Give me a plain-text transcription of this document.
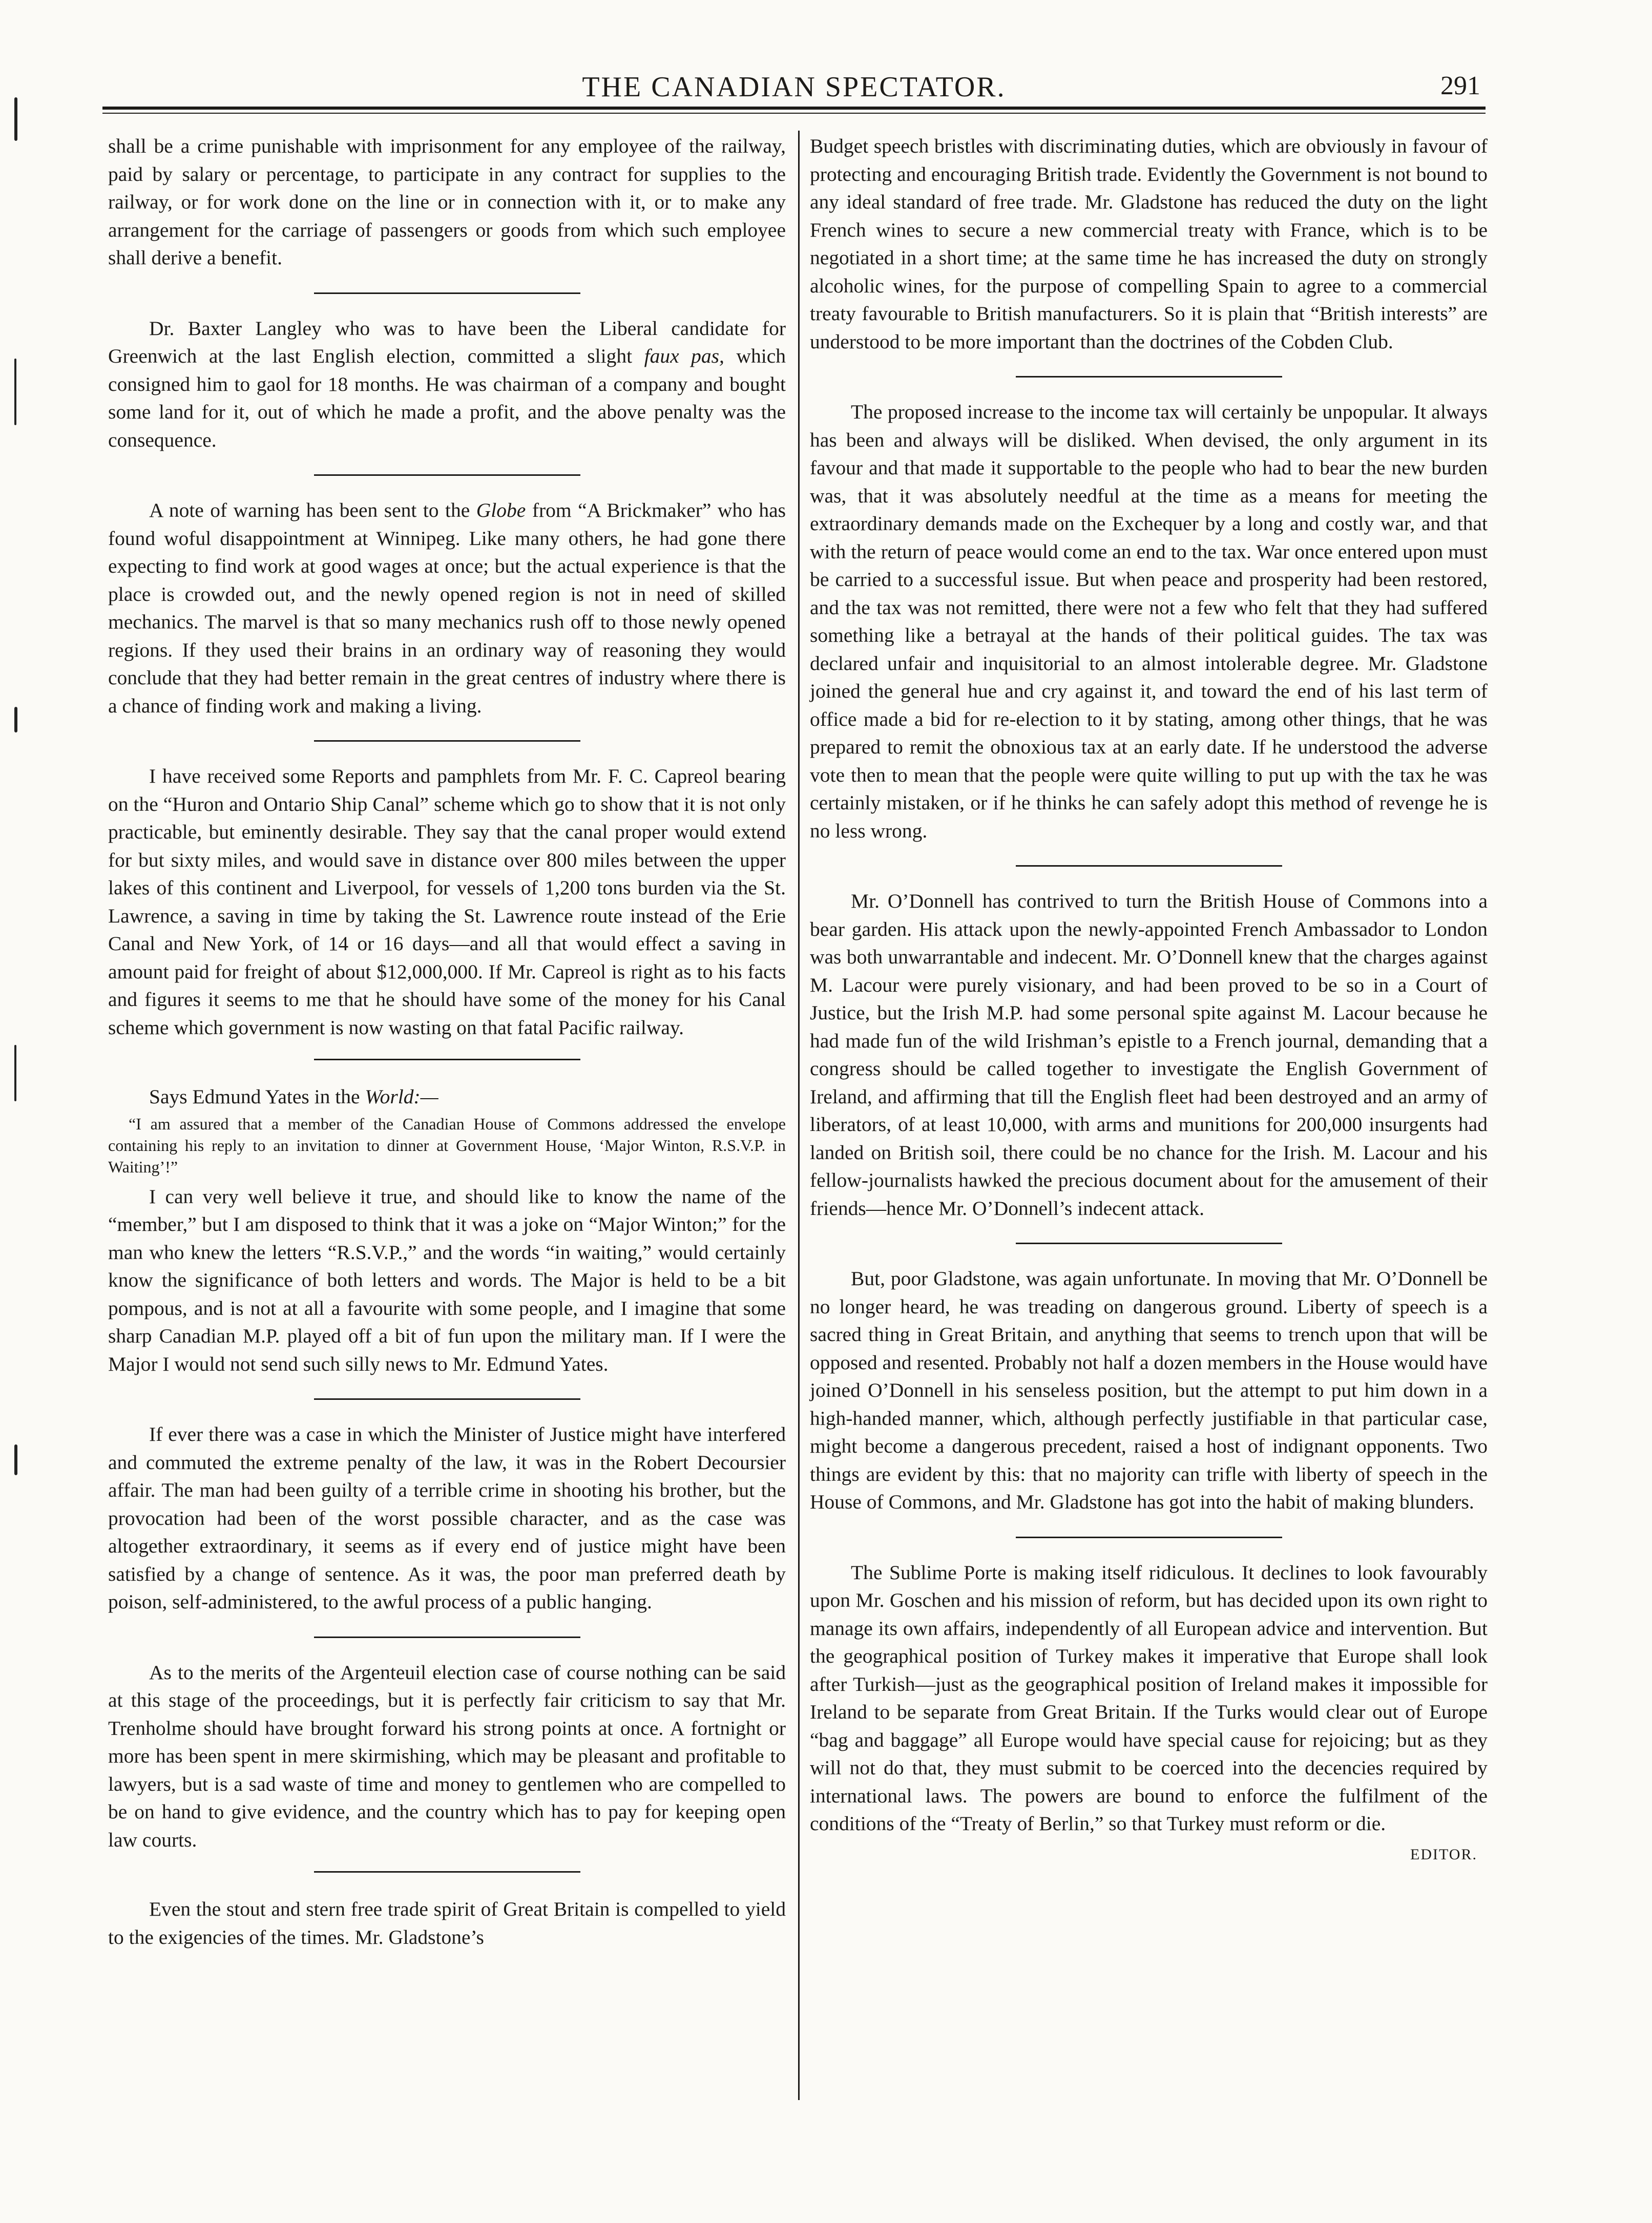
THE CANADIAN SPECTATOR.	291

shall be a crime punishable with imprisonment for any employee of the railway, paid by salary or percentage, to participate in any contract for supplies to the railway, or for work done on the line or in connection with it, or to make any arrangement for the carriage of passengers or goods from which such employee shall derive a benefit.

Dr. Baxter Langley who was to have been the Liberal candidate for Greenwich at the last English election, committed a slight faux pas, which consigned him to gaol for 18 months. He was chairman of a company and bought some land for it, out of which he made a profit, and the above penalty was the consequence.

A note of warning has been sent to the Globe from “A Brickmaker” who has found woful disappointment at Winnipeg. Like many others, he had gone there expecting to find work at good wages at once; but the actual experience is that the place is crowded out, and the newly opened region is not in need of skilled mechanics. The marvel is that so many mechanics rush off to those newly opened regions. If they used their brains in an ordinary way of reasoning they would conclude that they had better remain in the great centres of industry where there is a chance of finding work and making a living.

I have received some Reports and pamphlets from Mr. F. C. Capreol bearing on the “Huron and Ontario Ship Canal” scheme which go to show that it is not only practicable, but eminently desirable. They say that the canal proper would extend for but sixty miles, and would save in distance over 800 miles between the upper lakes of this continent and Liverpool, for vessels of 1,200 tons burden via the St. Lawrence, a saving in time by taking the St. Lawrence route instead of the Erie Canal and New York, of 14 or 16 days—and all that would effect a saving in amount paid for freight of about $12,000,000. If Mr. Capreol is right as to his facts and figures it seems to me that he should have some of the money for his Canal scheme which government is now wasting on that fatal Pacific railway.

Says Edmund Yates in the World:—

“I am assured that a member of the Canadian House of Commons addressed the envelope containing his reply to an invitation to dinner at Government House, ‘Major Winton, R.S.V.P. in Waiting’!”

I can very well believe it true, and should like to know the name of the “member,” but I am disposed to think that it was a joke on “Major Winton;” for the man who knew the letters “R.S.V.P.,” and the words “in waiting,” would certainly know the significance of both letters and words. The Major is held to be a bit pompous, and is not at all a favourite with some people, and I imagine that some sharp Canadian M.P. played off a bit of fun upon the military man. If I were the Major I would not send such silly news to Mr. Edmund Yates.

If ever there was a case in which the Minister of Justice might have interfered and commuted the extreme penalty of the law, it was in the Robert Decoursier affair. The man had been guilty of a terrible crime in shooting his brother, but the provocation had been of the worst possible character, and as the case was altogether extraordinary, it seems as if every end of justice might have been satisfied by a change of sentence. As it was, the poor man preferred death by poison, self-administered, to the awful process of a public hanging.

As to the merits of the Argenteuil election case of course nothing can be said at this stage of the proceedings, but it is perfectly fair criticism to say that Mr. Trenholme should have brought forward his strong points at once. A fortnight or more has been spent in mere skirmishing, which may be pleasant and profitable to lawyers, but is a sad waste of time and money to gentlemen who are compelled to be on hand to give evidence, and the country which has to pay for keeping open law courts.

Even the stout and stern free trade spirit of Great Britain is compelled to yield to the exigencies of the times. Mr. Gladstone’s

Budget speech bristles with discriminating duties, which are obviously in favour of protecting and encouraging British trade. Evidently the Government is not bound to any ideal standard of free trade. Mr. Gladstone has reduced the duty on the light French wines to secure a new commercial treaty with France, which is to be negotiated in a short time; at the same time he has increased the duty on strongly alcoholic wines, for the purpose of compelling Spain to agree to a commercial treaty favourable to British manufacturers. So it is plain that “British interests” are understood to be more important than the doctrines of the Cobden Club.

The proposed increase to the income tax will certainly be unpopular. It always has been and always will be disliked. When devised, the only argument in its favour and that made it supportable to the people who had to bear the new burden was, that it was absolutely needful at the time as a means for meeting the extraordinary demands made on the Exchequer by a long and costly war, and that with the return of peace would come an end to the tax. War once entered upon must be carried to a successful issue. But when peace and prosperity had been restored, and the tax was not remitted, there were not a few who felt that they had suffered something like a betrayal at the hands of their political guides. The tax was declared unfair and inquisitorial to an almost intolerable degree. Mr. Gladstone joined the general hue and cry against it, and toward the end of his last term of office made a bid for re-election to it by stating, among other things, that he was prepared to remit the obnoxious tax at an early date. If he understood the adverse vote then to mean that the people were quite willing to put up with the tax he was certainly mistaken, or if he thinks he can safely adopt this method of revenge he is no less wrong.

Mr. O’Donnell has contrived to turn the British House of Commons into a bear garden. His attack upon the newly-appointed French Ambassador to London was both unwarrantable and indecent. Mr. O’Donnell knew that the charges against M. Lacour were purely visionary, and had been proved to be so in a Court of Justice, but the Irish M.P. had some personal spite against M. Lacour because he had made fun of the wild Irishman’s epistle to a French journal, demanding that a congress should be called together to investigate the English Government of Ireland, and affirming that till the English fleet had been destroyed and an army of liberators, of at least 10,000, with arms and munitions for 200,000 insurgents had landed on British soil, there could be no chance for the Irish. M. Lacour and his fellow-journalists hawked the precious document about for the amusement of their friends—hence Mr. O’Donnell’s indecent attack.

But, poor Gladstone, was again unfortunate. In moving that Mr. O’Donnell be no longer heard, he was treading on dangerous ground. Liberty of speech is a sacred thing in Great Britain, and anything that seems to trench upon that will be opposed and resented. Probably not half a dozen members in the House would have joined O’Donnell in his senseless position, but the attempt to put him down in a high-handed manner, which, although perfectly justifiable in that particular case, might become a dangerous precedent, raised a host of indignant opponents. Two things are evident by this: that no majority can trifle with liberty of speech in the House of Commons, and Mr. Gladstone has got into the habit of making blunders.

The Sublime Porte is making itself ridiculous. It declines to look favourably upon Mr. Goschen and his mission of reform, but has decided upon its own right to manage its own affairs, independently of all European advice and intervention. But the geographical position of Turkey makes it imperative that Europe shall look after Turkish—just as the geographical position of Ireland makes it impossible for Ireland to be separate from Great Britain. If the Turks would clear out of Europe “bag and baggage” all Europe would have special cause for rejoicing; but as they will not do that, they must submit to be coerced into the decencies required by international laws. The powers are bound to enforce the fulfilment of the conditions of the “Treaty of Berlin,” so that Turkey must reform or die.

EDITOR.
